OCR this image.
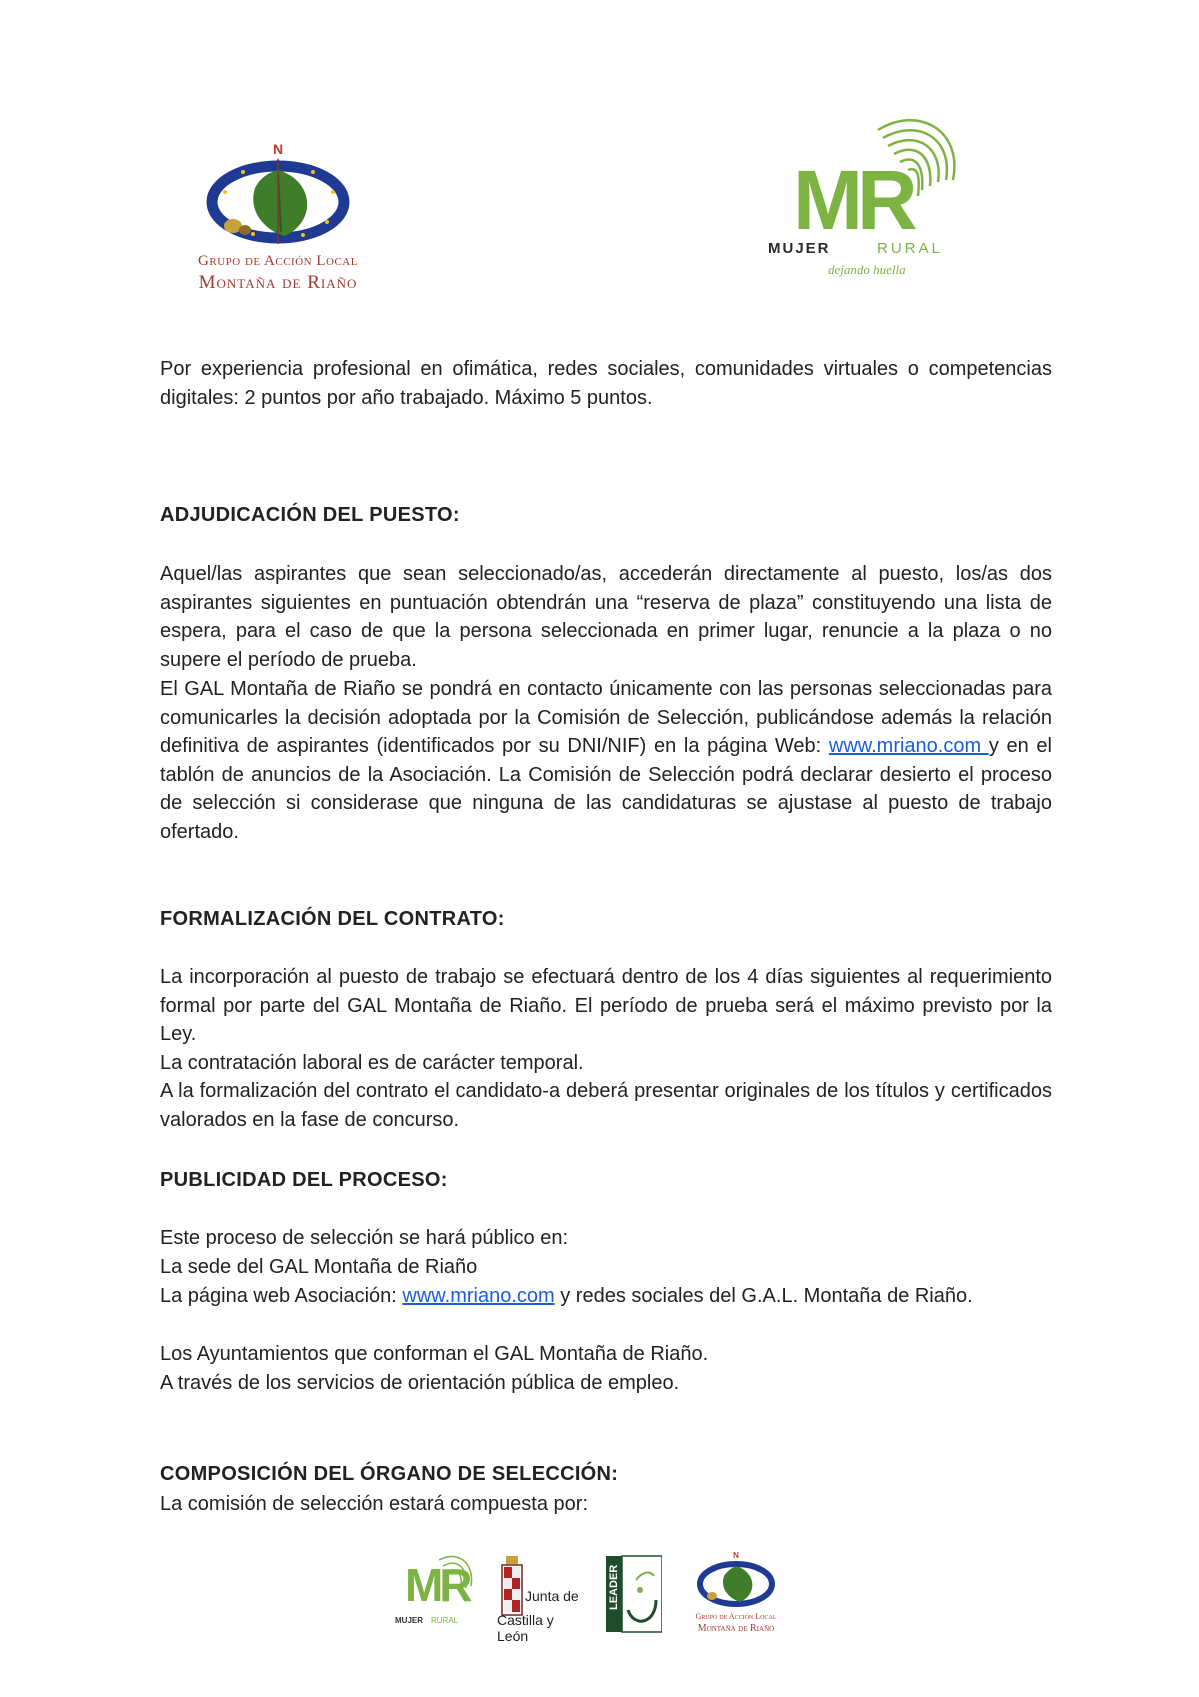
N
Grupo de Acción Local
Montaña de Riaño
MR
MUJER	RURAL
dejando huella

Por experiencia profesional en ofimática, redes sociales, comunidades virtuales o competencias digitales: 2 puntos por año trabajado. Máximo 5 puntos.

ADJUDICACIÓN DEL PUESTO:

Aquel/las aspirantes que sean seleccionado/as, accederán directamente al puesto, los/as dos aspirantes siguientes en puntuación obtendrán una “reserva de plaza” constituyendo una lista de espera, para el caso de que la persona seleccionada en primer lugar, renuncie a la plaza o no supere el período de prueba.

El GAL Montaña de Riaño se pondrá en contacto únicamente con las personas seleccionadas para comunicarles la decisión adoptada por la Comisión de Selección, publicándose además la relación definitiva de aspirantes (identificados por su DNI/NIF) en la página Web: www.mriano.com y en el tablón de anuncios de la Asociación. La Comisión de Selección podrá declarar desierto el proceso de selección si considerase que ninguna de las candidaturas se ajustase al puesto de trabajo ofertado.

FORMALIZACIÓN DEL CONTRATO:

La incorporación al puesto de trabajo se efectuará dentro de los 4 días siguientes al requerimiento formal por parte del GAL Montaña de Riaño. El período de prueba será el máximo previsto por la Ley.

La contratación laboral es de carácter temporal.

A la formalización del contrato el candidato-a deberá presentar originales de los títulos y certificados valorados en la fase de concurso.

PUBLICIDAD DEL PROCESO:

Este proceso de selección se hará público en:

La sede del GAL Montaña de Riaño

La página web Asociación: www.mriano.com y redes sociales del G.A.L. Montaña de Riaño.

Los Ayuntamientos que conforman el GAL Montaña de Riaño.

A través de los servicios de orientación pública de empleo.

COMPOSICIÓN DEL ÓRGANO DE SELECCIÓN:

La comisión de selección estará compuesta por:

MR
MUJER RURAL
Junta de
Castilla y León
LEADER
N
Grupo de Acción Local
Montaña de Riaño
